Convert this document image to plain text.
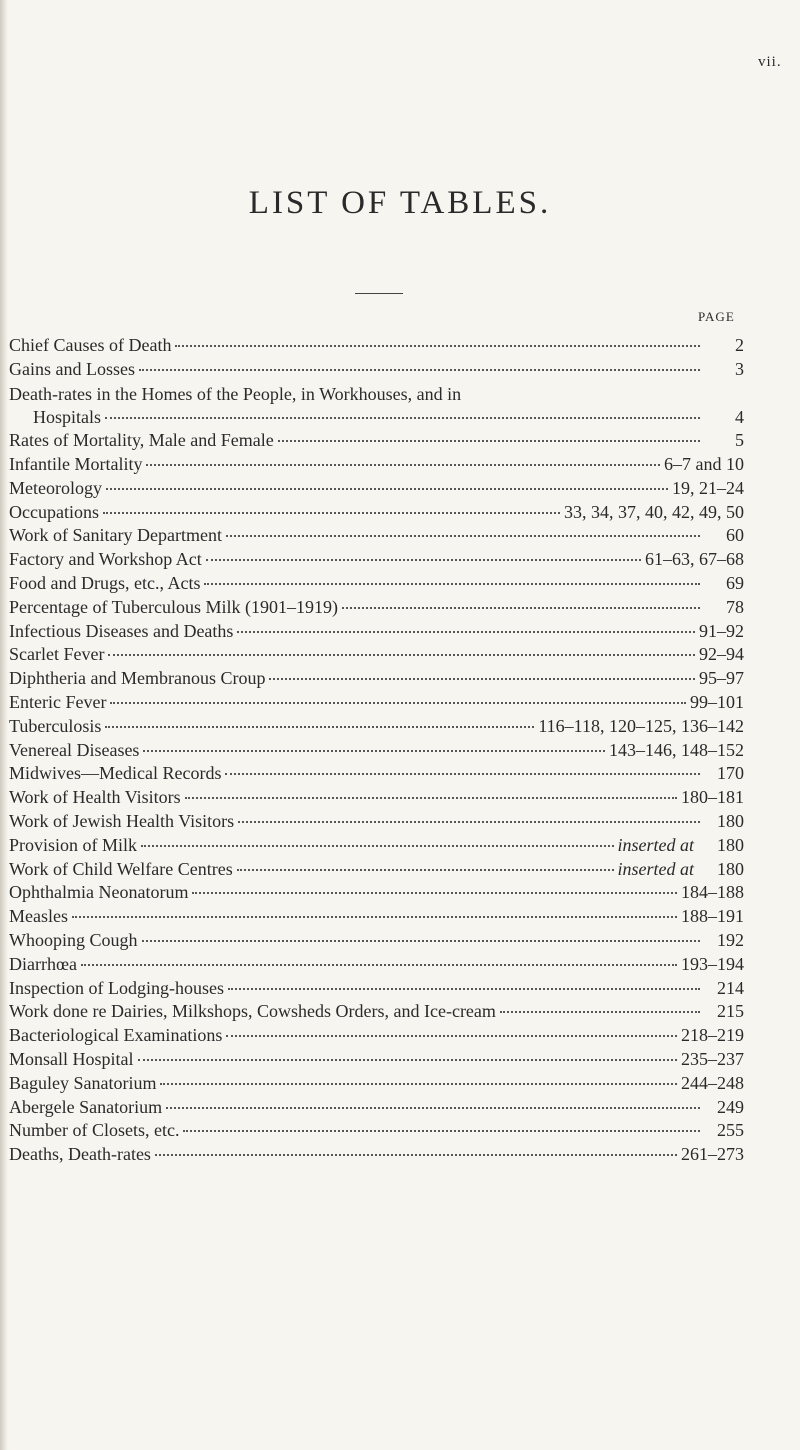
vii.
LIST OF TABLES.
PAGE
Chief Causes of Death	2
Gains and Losses	3
Death-rates in the Homes of the People, in Workhouses, and in
Hospitals	4
Rates of Mortality, Male and Female	5
Infantile Mortality	6–7 and 10
Meteorology	19, 21–24
Occupations	33, 34, 37, 40, 42, 49, 50
Work of Sanitary Department	60
Factory and Workshop Act	61–63, 67–68
Food and Drugs, etc., Acts	69
Percentage of Tuberculous Milk (1901–1919)	78
Infectious Diseases and Deaths	91–92
Scarlet Fever	92–94
Diphtheria and Membranous Croup	95–97
Enteric Fever	99–101
Tuberculosis	116–118, 120–125, 136–142
Venereal Diseases	143–146, 148–152
Midwives—Medical Records	170
Work of Health Visitors	180–181
Work of Jewish Health Visitors	180
Provision of Milk	inserted at	180
Work of Child Welfare Centres	inserted at	180
Ophthalmia Neonatorum	184–188
Measles	188–191
Whooping Cough	192
Diarrhœa	193–194
Inspection of Lodging-houses	214
Work done re Dairies, Milkshops, Cowsheds Orders, and Ice-cream	215
Bacteriological Examinations	218–219
Monsall Hospital	235–237
Baguley Sanatorium	244–248
Abergele Sanatorium	249
Number of Closets, etc.	255
Deaths, Death-rates	261–273
